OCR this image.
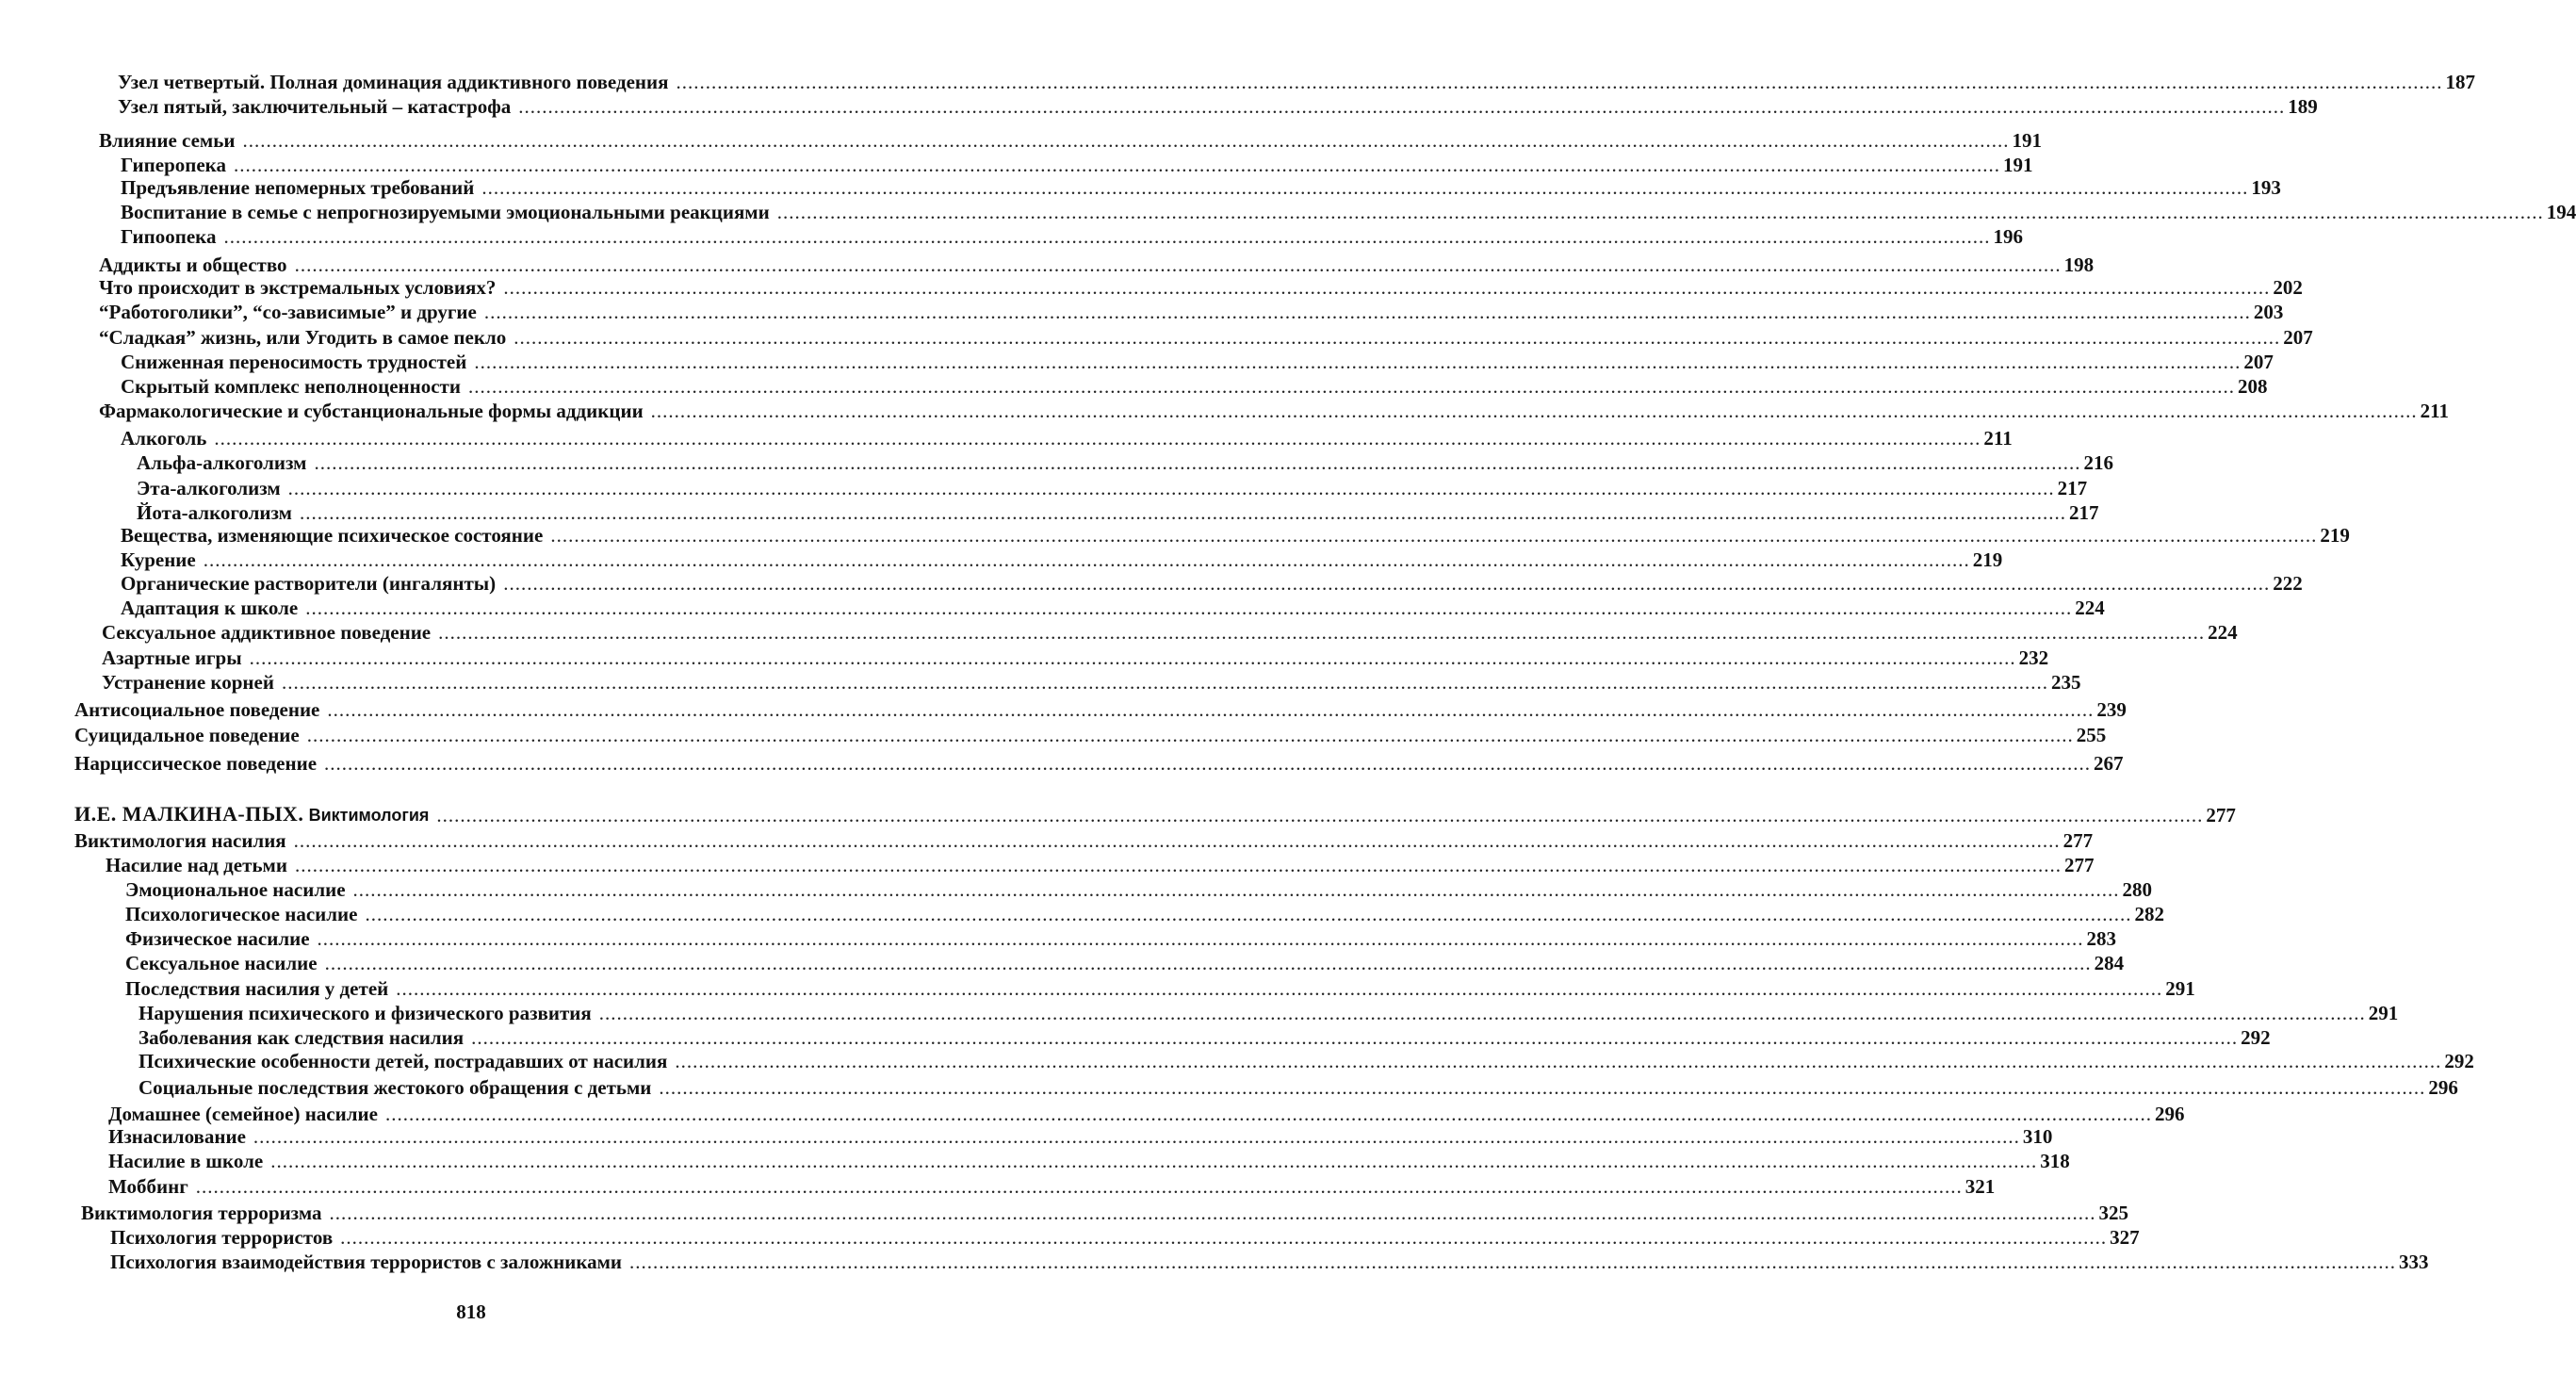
Узел четвертый. Полная доминация аддиктивного поведения ............................................................................................................................................................................................................................................................................................................ 187
Узел пятый, заключительный – катастрофа ............................................................................................................................................................................................................................................................................................................ 189
Влияние семьи ............................................................................................................................................................................................................................................................................................................ 191
Гиперопека ............................................................................................................................................................................................................................................................................................................ 191
Предъявление непомерных требований ............................................................................................................................................................................................................................................................................................................ 193
Воспитание в семье с непрогнозируемыми эмоциональными реакциями ............................................................................................................................................................................................................................................................................................................ 194
Гипоопека ............................................................................................................................................................................................................................................................................................................ 196
Аддикты и общество ............................................................................................................................................................................................................................................................................................................ 198
Что происходит в экстремальных условиях? ............................................................................................................................................................................................................................................................................................................ 202
“Работоголики”, “со-зависимые” и другие ............................................................................................................................................................................................................................................................................................................ 203
“Сладкая” жизнь, или Угодить в самое пекло ............................................................................................................................................................................................................................................................................................................ 207
Сниженная переносимость трудностей ............................................................................................................................................................................................................................................................................................................ 207
Скрытый комплекс неполноценности ............................................................................................................................................................................................................................................................................................................ 208
Фармакологические и субстанциональные формы аддикции ............................................................................................................................................................................................................................................................................................................ 211
Алкоголь ............................................................................................................................................................................................................................................................................................................ 211
Альфа-алкоголизм ............................................................................................................................................................................................................................................................................................................ 216
Эта-алкоголизм ............................................................................................................................................................................................................................................................................................................ 217
Йота-алкоголизм ............................................................................................................................................................................................................................................................................................................ 217
Вещества, изменяющие психическое состояние ............................................................................................................................................................................................................................................................................................................ 219
Курение ............................................................................................................................................................................................................................................................................................................ 219
Органические растворители (ингалянты) ............................................................................................................................................................................................................................................................................................................ 222
Адаптация к школе ............................................................................................................................................................................................................................................................................................................ 224
Сексуальное аддиктивное поведение ............................................................................................................................................................................................................................................................................................................ 224
Азартные игры ............................................................................................................................................................................................................................................................................................................ 232
Устранение корней ............................................................................................................................................................................................................................................................................................................ 235
Антисоциальное поведение ............................................................................................................................................................................................................................................................................................................ 239
Суицидальное поведение ............................................................................................................................................................................................................................................................................................................ 255
Нарциссическое поведение ............................................................................................................................................................................................................................................................................................................ 267
И.Е. МАЛКИНА-ПЫХ. Виктимология ............................................................................................................................................................................................................................................................................................................ 277
Виктимология насилия ............................................................................................................................................................................................................................................................................................................ 277
Насилие над детьми ............................................................................................................................................................................................................................................................................................................ 277
Эмоциональное насилие ............................................................................................................................................................................................................................................................................................................ 280
Психологическое насилие ............................................................................................................................................................................................................................................................................................................ 282
Физическое насилие ............................................................................................................................................................................................................................................................................................................ 283
Сексуальное насилие ............................................................................................................................................................................................................................................................................................................ 284
Последствия насилия у детей ............................................................................................................................................................................................................................................................................................................ 291
Нарушения психического и физического развития ............................................................................................................................................................................................................................................................................................................ 291
Заболевания как следствия насилия ............................................................................................................................................................................................................................................................................................................ 292
Психические особенности детей, пострадавших от насилия ............................................................................................................................................................................................................................................................................................................ 292
Социальные последствия жестокого обращения с детьми ............................................................................................................................................................................................................................................................................................................ 296
Домашнее (семейное) насилие ............................................................................................................................................................................................................................................................................................................ 296
Изнасилование ............................................................................................................................................................................................................................................................................................................ 310
Насилие в школе ............................................................................................................................................................................................................................................................................................................ 318
Моббинг ............................................................................................................................................................................................................................................................................................................ 321
Виктимология терроризма ............................................................................................................................................................................................................................................................................................................ 325
Психология террористов ............................................................................................................................................................................................................................................................................................................ 327
Психология взаимодействия террористов с заложниками ............................................................................................................................................................................................................................................................................................................ 333
818
